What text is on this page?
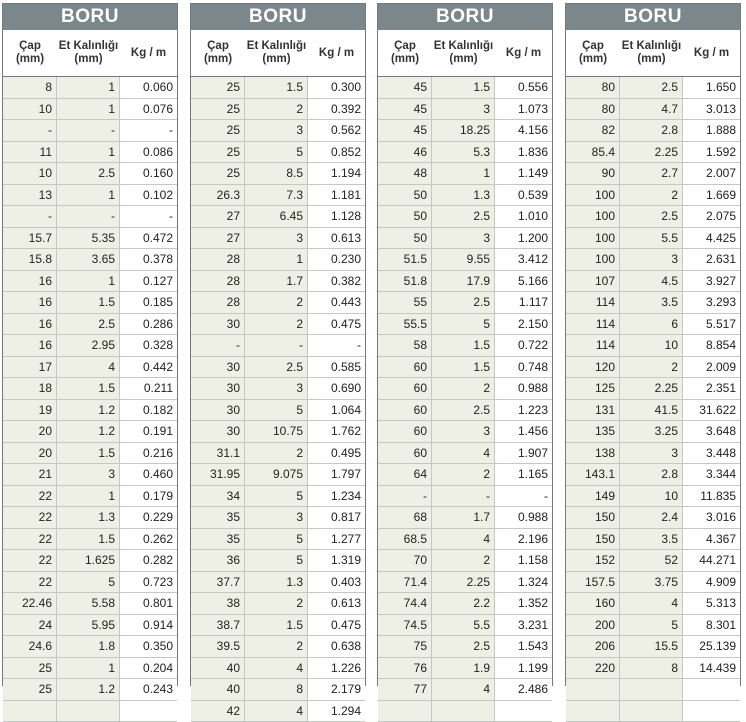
BORU
Çap
(mm)
Et Kalınlığı
(mm)
Kg / m
8	1	0.060
10	1	0.076
-	-	-
11	1	0.086
10	2.5	0.160
13	1	0.102
-	-	-
15.7	5.35	0.472
15.8	3.65	0.378
16	1	0.127
16	1.5	0.185
16	2.5	0.286
16	2.95	0.328
17	4	0.442
18	1.5	0.211
19	1.2	0.182
20	1.2	0.191
20	1.5	0.216
21	3	0.460
22	1	0.179
22	1.3	0.229
22	1.5	0.262
22	1.625	0.282
22	5	0.723
22.46	5.58	0.801
24	5.95	0.914
24.6	1.8	0.350
25	1	0.204
25	1.2	0.243
BORU
Çap
(mm)
Et Kalınlığı
(mm)
Kg / m
25	1.5	0.300
25	2	0.392
25	3	0.562
25	5	0.852
25	8.5	1.194
26.3	7.3	1.181
27	6.45	1.128
27	3	0.613
28	1	0.230
28	1.7	0.382
28	2	0.443
30	2	0.475
-	-	-
30	2.5	0.585
30	3	0.690
30	5	1.064
30	10.75	1.762
31.1	2	0.495
31.95	9.075	1.797
34	5	1.234
35	3	0.817
35	5	1.277
36	5	1.319
37.7	1.3	0.403
38	2	0.613
38.7	1.5	0.475
39.5	2	0.638
40	4	1.226
40	8	2.179
42	4	1.294
BORU
Çap
(mm)
Et Kalınlığı
(mm)
Kg / m
45	1.5	0.556
45	3	1.073
45	18.25	4.156
46	5.3	1.836
48	1	1.149
50	1.3	0.539
50	2.5	1.010
50	3	1.200
51.5	9.55	3.412
51.8	17.9	5.166
55	2.5	1.117
55.5	5	2.150
58	1.5	0.722
60	1.5	0.748
60	2	0.988
60	2.5	1.223
60	3	1.456
60	4	1.907
64	2	1.165
-	-	-
68	1.7	0.988
68.5	4	2.196
70	2	1.158
71.4	2.25	1.324
74.4	2.2	1.352
74.5	5.5	3.231
75	2.5	1.543
76	1.9	1.199
77	4	2.486
BORU
Çap
(mm)
Et Kalınlığı
(mm)
Kg / m
80	2.5	1.650
80	4.7	3.013
82	2.8	1.888
85.4	2.25	1.592
90	2.7	2.007
100	2	1.669
100	2.5	2.075
100	5.5	4.425
100	3	2.631
107	4.5	3.927
114	3.5	3.293
114	6	5.517
114	10	8.854
120	2	2.009
125	2.25	2.351
131	41.5	31.622
135	3.25	3.648
138	3	3.448
143.1	2.8	3.344
149	10	11.835
150	2.4	3.016
150	3.5	4.367
152	52	44.271
157.5	3.75	4.909
160	4	5.313
200	5	8.301
206	15.5	25.139
220	8	14.439
